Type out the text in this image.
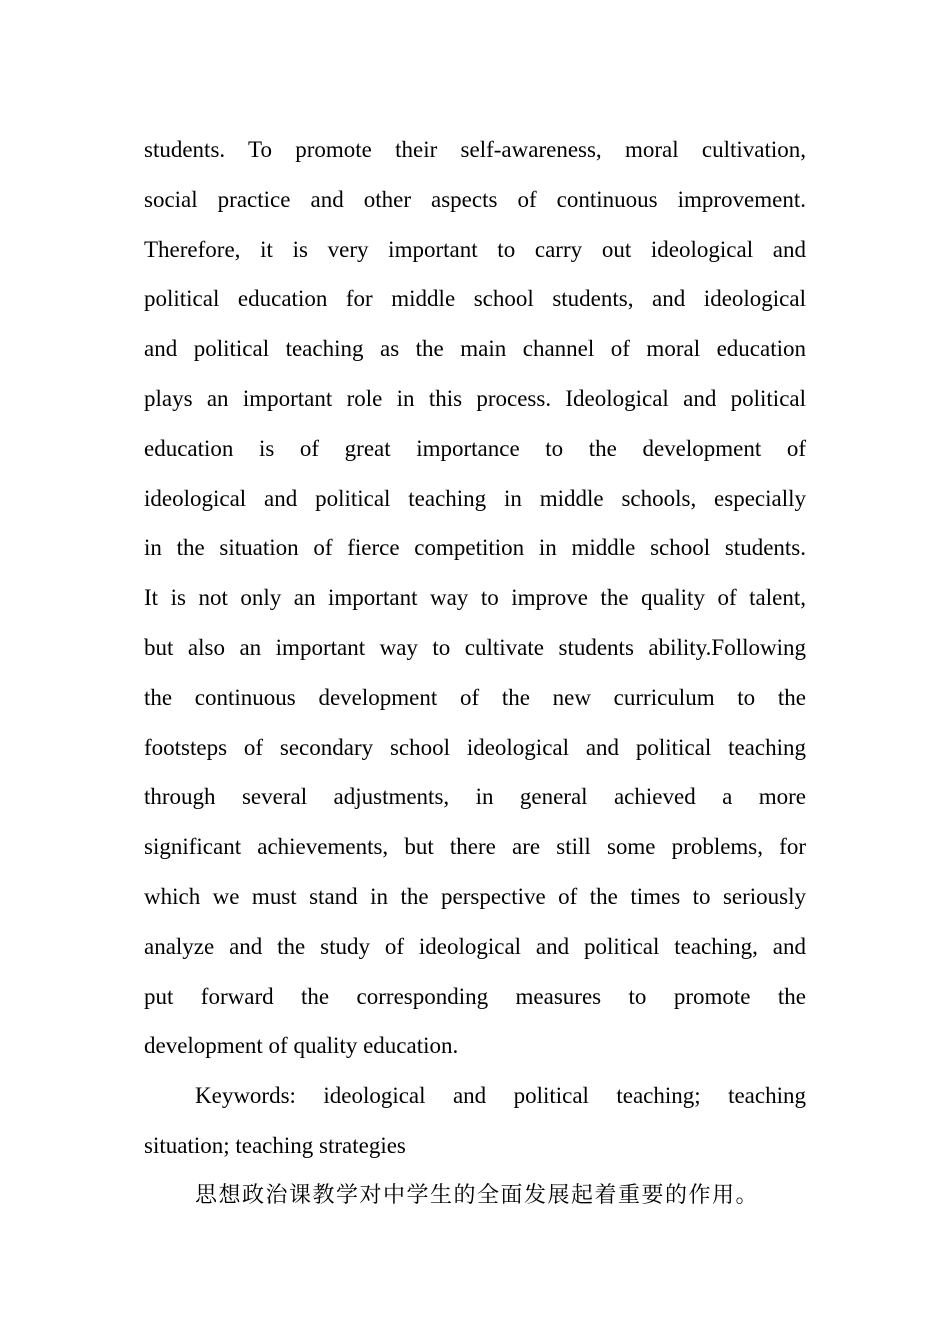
students. To promote their self-awareness, moral cultivation,
social practice and other aspects of continuous improvement.
Therefore, it is very important to carry out ideological and
political education for middle school students, and ideological
and political teaching as the main channel of moral education
plays an important role in this process. Ideological and political
education is of great importance to the development of
ideological and political teaching in middle schools, especially
in the situation of fierce competition in middle school students.
It is not only an important way to improve the quality of talent,
but also an important way to cultivate students ability.Following
the continuous development of the new curriculum to the
footsteps of secondary school ideological and political teaching
through several adjustments, in general achieved a more
significant achievements, but there are still some problems, for
which we must stand in the perspective of the times to seriously
analyze and the study of ideological and political teaching, and
put forward the corresponding measures to promote the
development of quality education.
Keywords: ideological and political teaching; teaching
situation; teaching strategies
思想政治课教学对中学生的全面发展起着重要的作用。
